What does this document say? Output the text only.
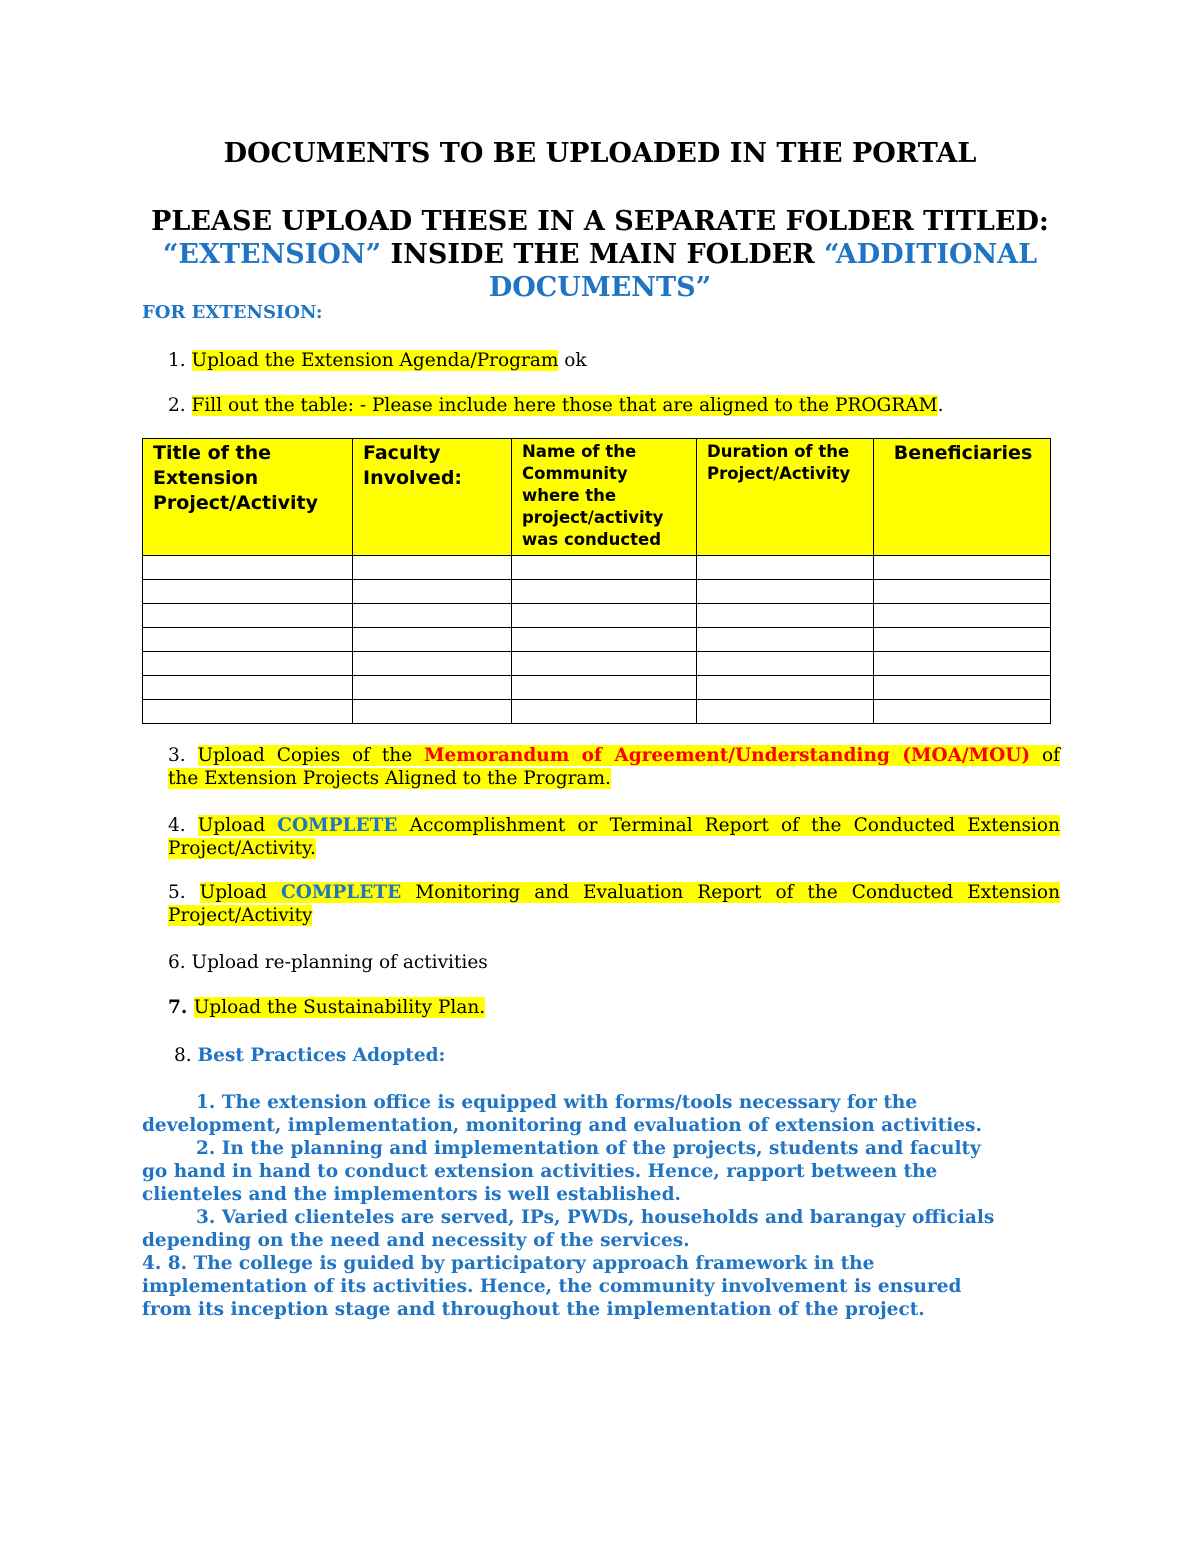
DOCUMENTS TO BE UPLOADED IN THE PORTAL
PLEASE UPLOAD THESE IN A SEPARATE FOLDER TITLED:
“EXTENSION” INSIDE THE MAIN FOLDER “ADDITIONAL DOCUMENTS”
FOR EXTENSION:
1. Upload the Extension Agenda/Program ok
2. Fill out the table: - Please include here those that are aligned to the PROGRAM.
Title of the Extension Project/Activity	Faculty Involved:	Name of the Community where the project/activity was conducted	Duration of the Project/Activity	Beneficiaries

3. Upload Copies of the Memorandum of Agreement/Understanding (MOA/MOU) of
the Extension Projects Aligned to the Program.
4. Upload COMPLETE Accomplishment or Terminal Report of the Conducted Extension
Project/Activity.
5. Upload COMPLETE Monitoring and Evaluation Report of the Conducted Extension
Project/Activity
6. Upload re-planning of activities
7. Upload the Sustainability Plan.
8. Best Practices Adopted:

1. The extension office is equipped with forms/tools necessary for the

development, implementation, monitoring and evaluation of extension activities.

2. In the planning and implementation of the projects, students and faculty

go hand in hand to conduct extension activities. Hence, rapport between the

clienteles and the implementors is well established.

3. Varied clienteles are served, IPs, PWDs, households and barangay officials

depending on the need and necessity of the services.

4. 8. The college is guided by participatory approach framework in the

implementation of its activities. Hence, the community involvement is ensured

from its inception stage and throughout the implementation of the project.
